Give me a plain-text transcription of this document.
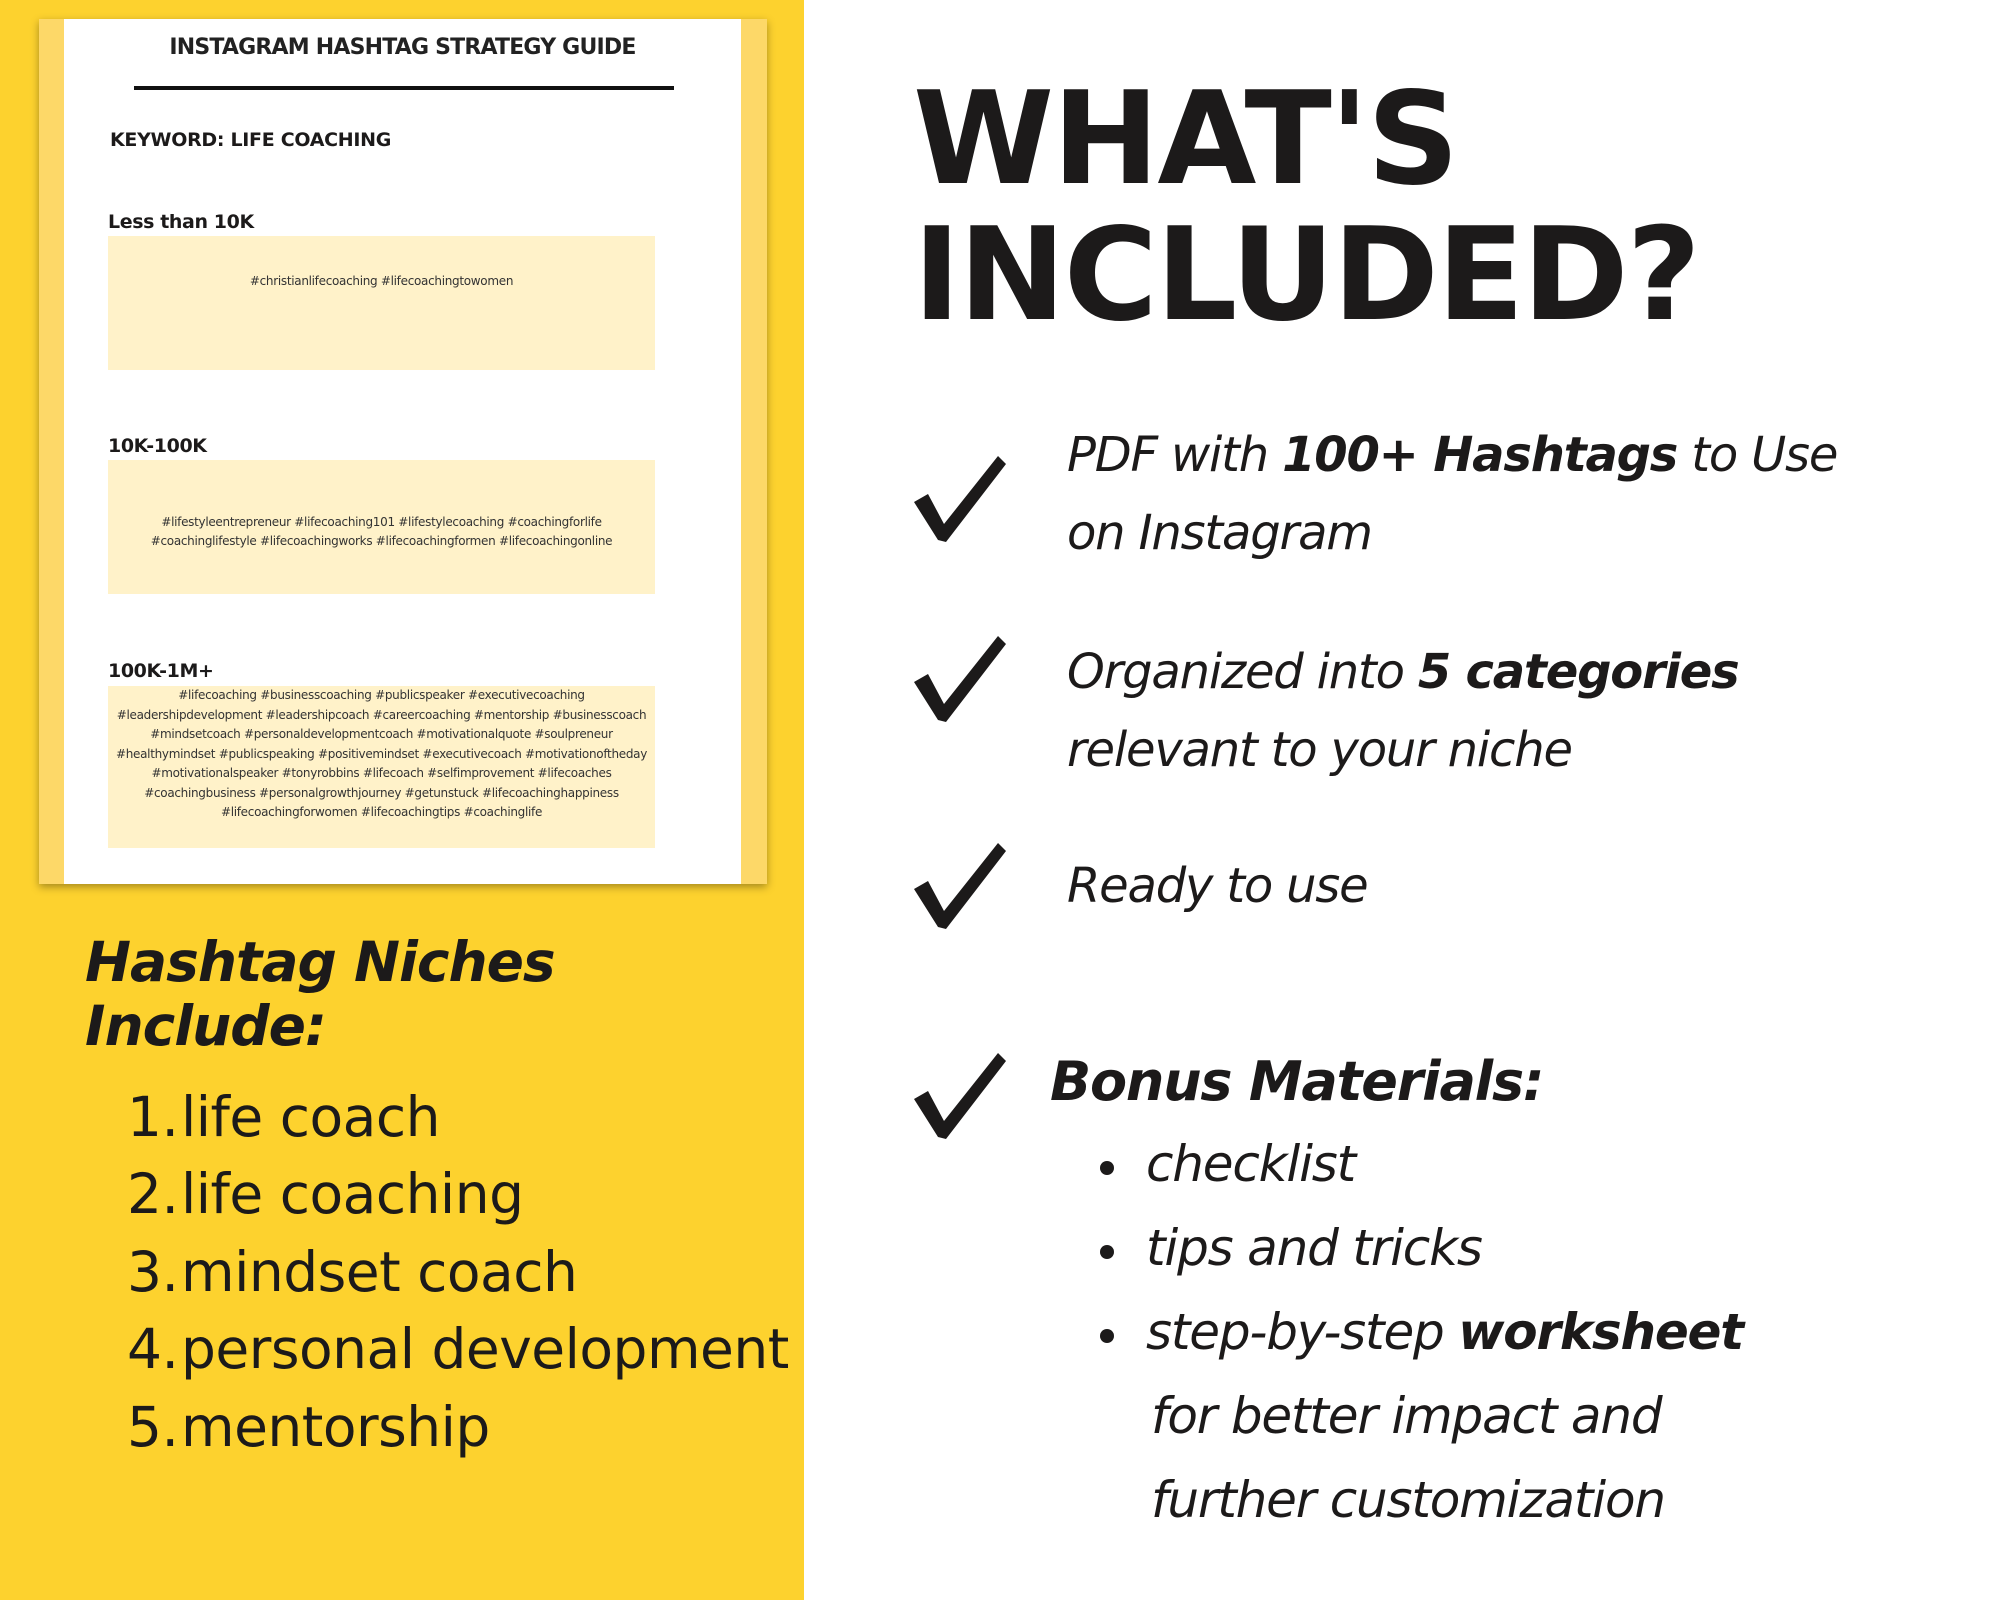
INSTAGRAM HASHTAG STRATEGY GUIDE
KEYWORD: LIFE COACHING
Less than 10K

#christianlifecoaching #lifecoachingtowomen

10K-100K

#lifestyleentrepreneur #lifecoaching101 #lifestylecoaching #coachingforlife #coachinglifestyle #lifecoachingworks #lifecoachingformen #lifecoachingonline

100K-1M+

#lifecoaching #businesscoaching #publicspeaker #executivecoaching #leadershipdevelopment #leadershipcoach #careercoaching #mentorship #businesscoach #mindsetcoach #personaldevelopmentcoach #motivationalquote #soulpreneur #healthymindset #publicspeaking #positivemindset #executivecoach #motivationoftheday #motivationalspeaker #tonyrobbins #lifecoach #selfimprovement #lifecoaches #coachingbusiness #personalgrowthjourney #getunstuck #lifecoachinghappiness #lifecoachingforwomen #lifecoachingtips #coachinglife

Hashtag Niches Include:
1.life coach
2.life coaching
3.mindset coach
4.personal development
5.mentorship
WHAT'S
INCLUDED?
PDF with 100+ Hashtags to Use
on Instagram
Organized into 5 categories
relevant to your niche
Ready to use
Bonus Materials:
checklist
tips and tricks
step-by-step worksheet
for better impact and
further customization
